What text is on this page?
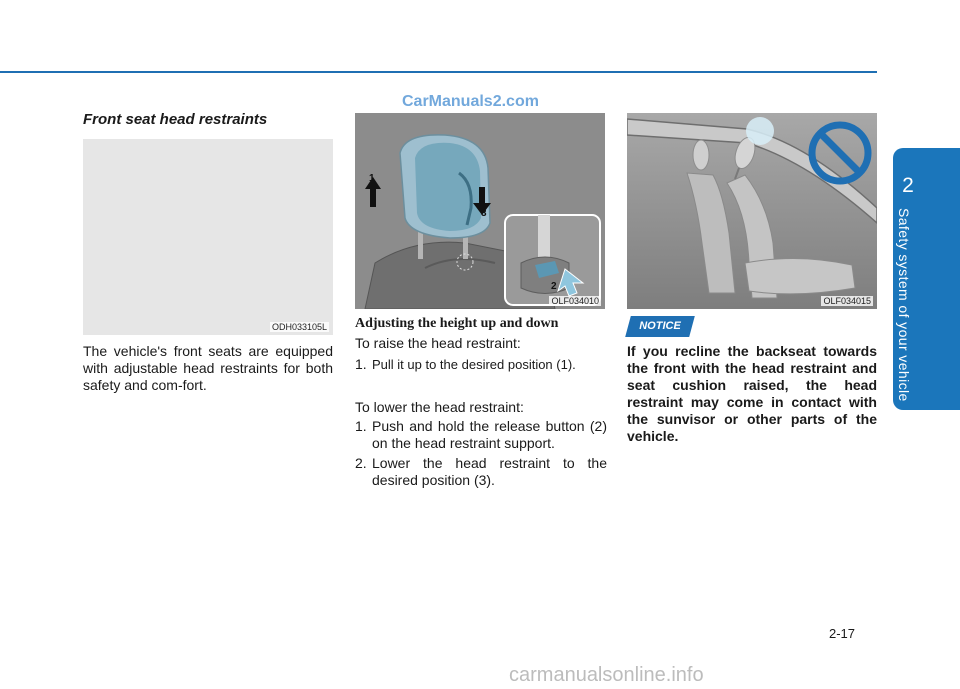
CarManuals2.com
2
Safety system of your vehicle
Front seat head restraints
ODH033105L
The vehicle's front seats are equipped with adjustable head restraints for both safety and com-fort.
1
2
3
OLF034010
Adjusting the height up and down
To raise the head restraint:
1. Pull it up to the desired position (1).
To lower the head restraint:
1. Push and hold the release button (2) on the head restraint support.
2. Lower the head restraint to the desired position (3).
OLF034015
NOTICE
If you recline the backseat towards the front with the head restraint and seat cushion raised, the head restraint may come in contact with the sunvisor or other parts of the vehicle.
2-17
carmanualsonline.info
